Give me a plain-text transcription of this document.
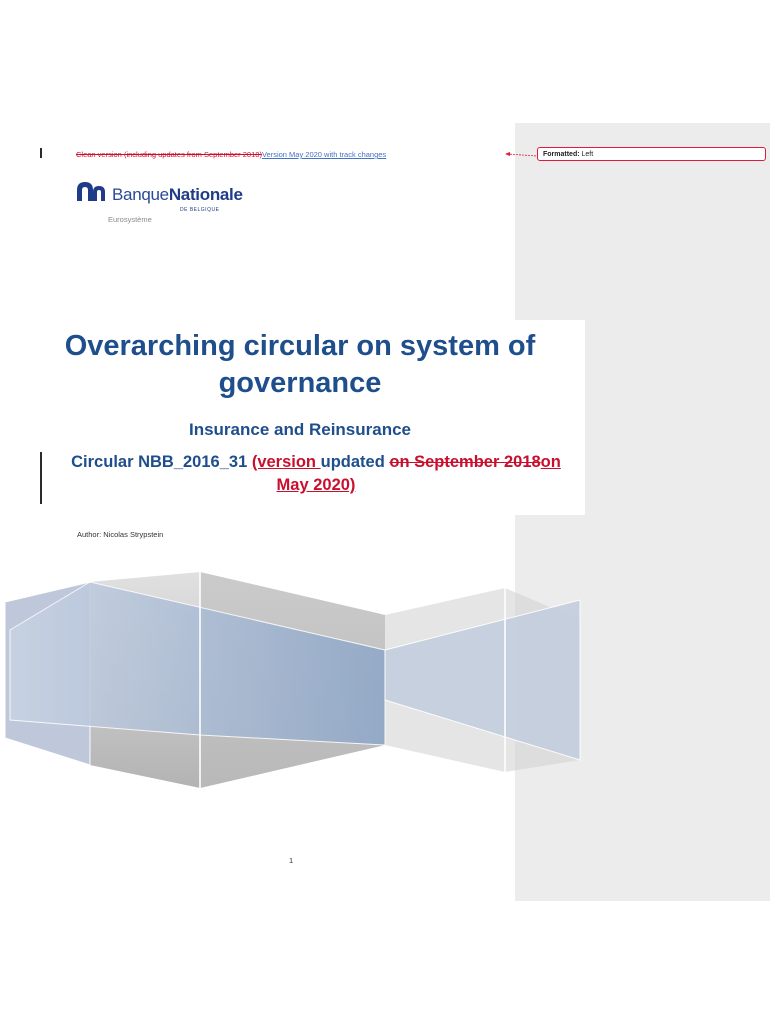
Clean version (including updates from September 2018)Version May 2020 with track changes	Formatted: Left
BanqueNationale
DE BELGIQUE
Eurosystème
Overarching circular on system of
governance
Insurance and Reinsurance
Circular NBB_2016_31 (version updated on September 2018on
May 2020)
Author: Nicolas Strypstein
1
